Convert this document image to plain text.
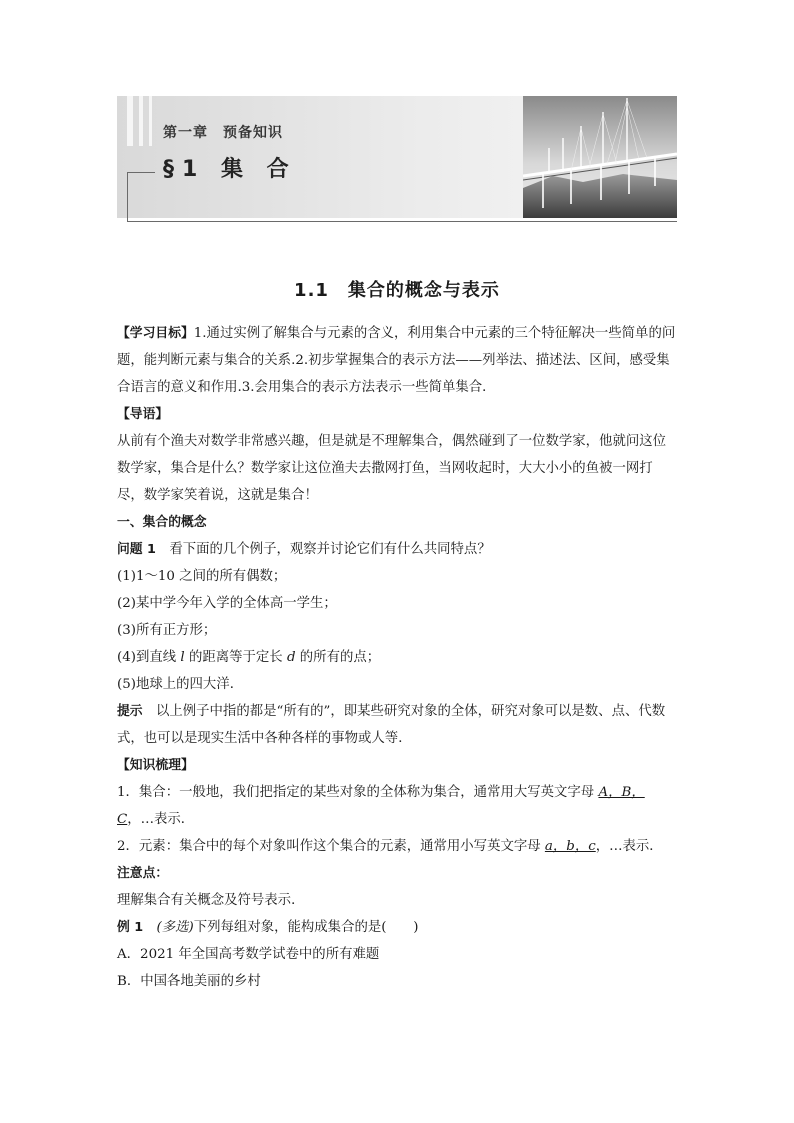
第一章　预备知识
§1 集 合
1.1　集合的概念与表示

【学习目标】1.通过实例了解集合与元素的含义，利用集合中元素的三个特征解决一些简单的问题，能判断元素与集合的关系.2.初步掌握集合的表示方法——列举法、描述法、区间，感受集合语言的意义和作用.3.会用集合的表示方法表示一些简单集合．

【导语】

从前有个渔夫对数学非常感兴趣，但是就是不理解集合，偶然碰到了一位数学家，他就问这位数学家，集合是什么？数学家让这位渔夫去撒网打鱼，当网收起时，大大小小的鱼被一网打尽，数学家笑着说，这就是集合！

一、集合的概念

问题 1　看下面的几个例子，观察并讨论它们有什么共同特点？

(1)1～10 之间的所有偶数；

(2)某中学今年入学的全体高一学生；

(3)所有正方形；

(4)到直线 l 的距离等于定长 d 的所有的点；

(5)地球上的四大洋．

提示　以上例子中指的都是“所有的”，即某些研究对象的全体，研究对象可以是数、点、代数式，也可以是现实生活中各种各样的事物或人等．

【知识梳理】

1．集合：一般地，我们把指定的某些对象的全体称为集合，通常用大写英文字母 A，B，C，…表示．

2．元素：集合中的每个对象叫作这个集合的元素，通常用小写英文字母 a，b，c，…表示．

注意点：

理解集合有关概念及符号表示．

例 1　 (多选)下列每组对象，能构成集合的是(　　)

A．2021 年全国高考数学试卷中的所有难题

B．中国各地美丽的乡村
